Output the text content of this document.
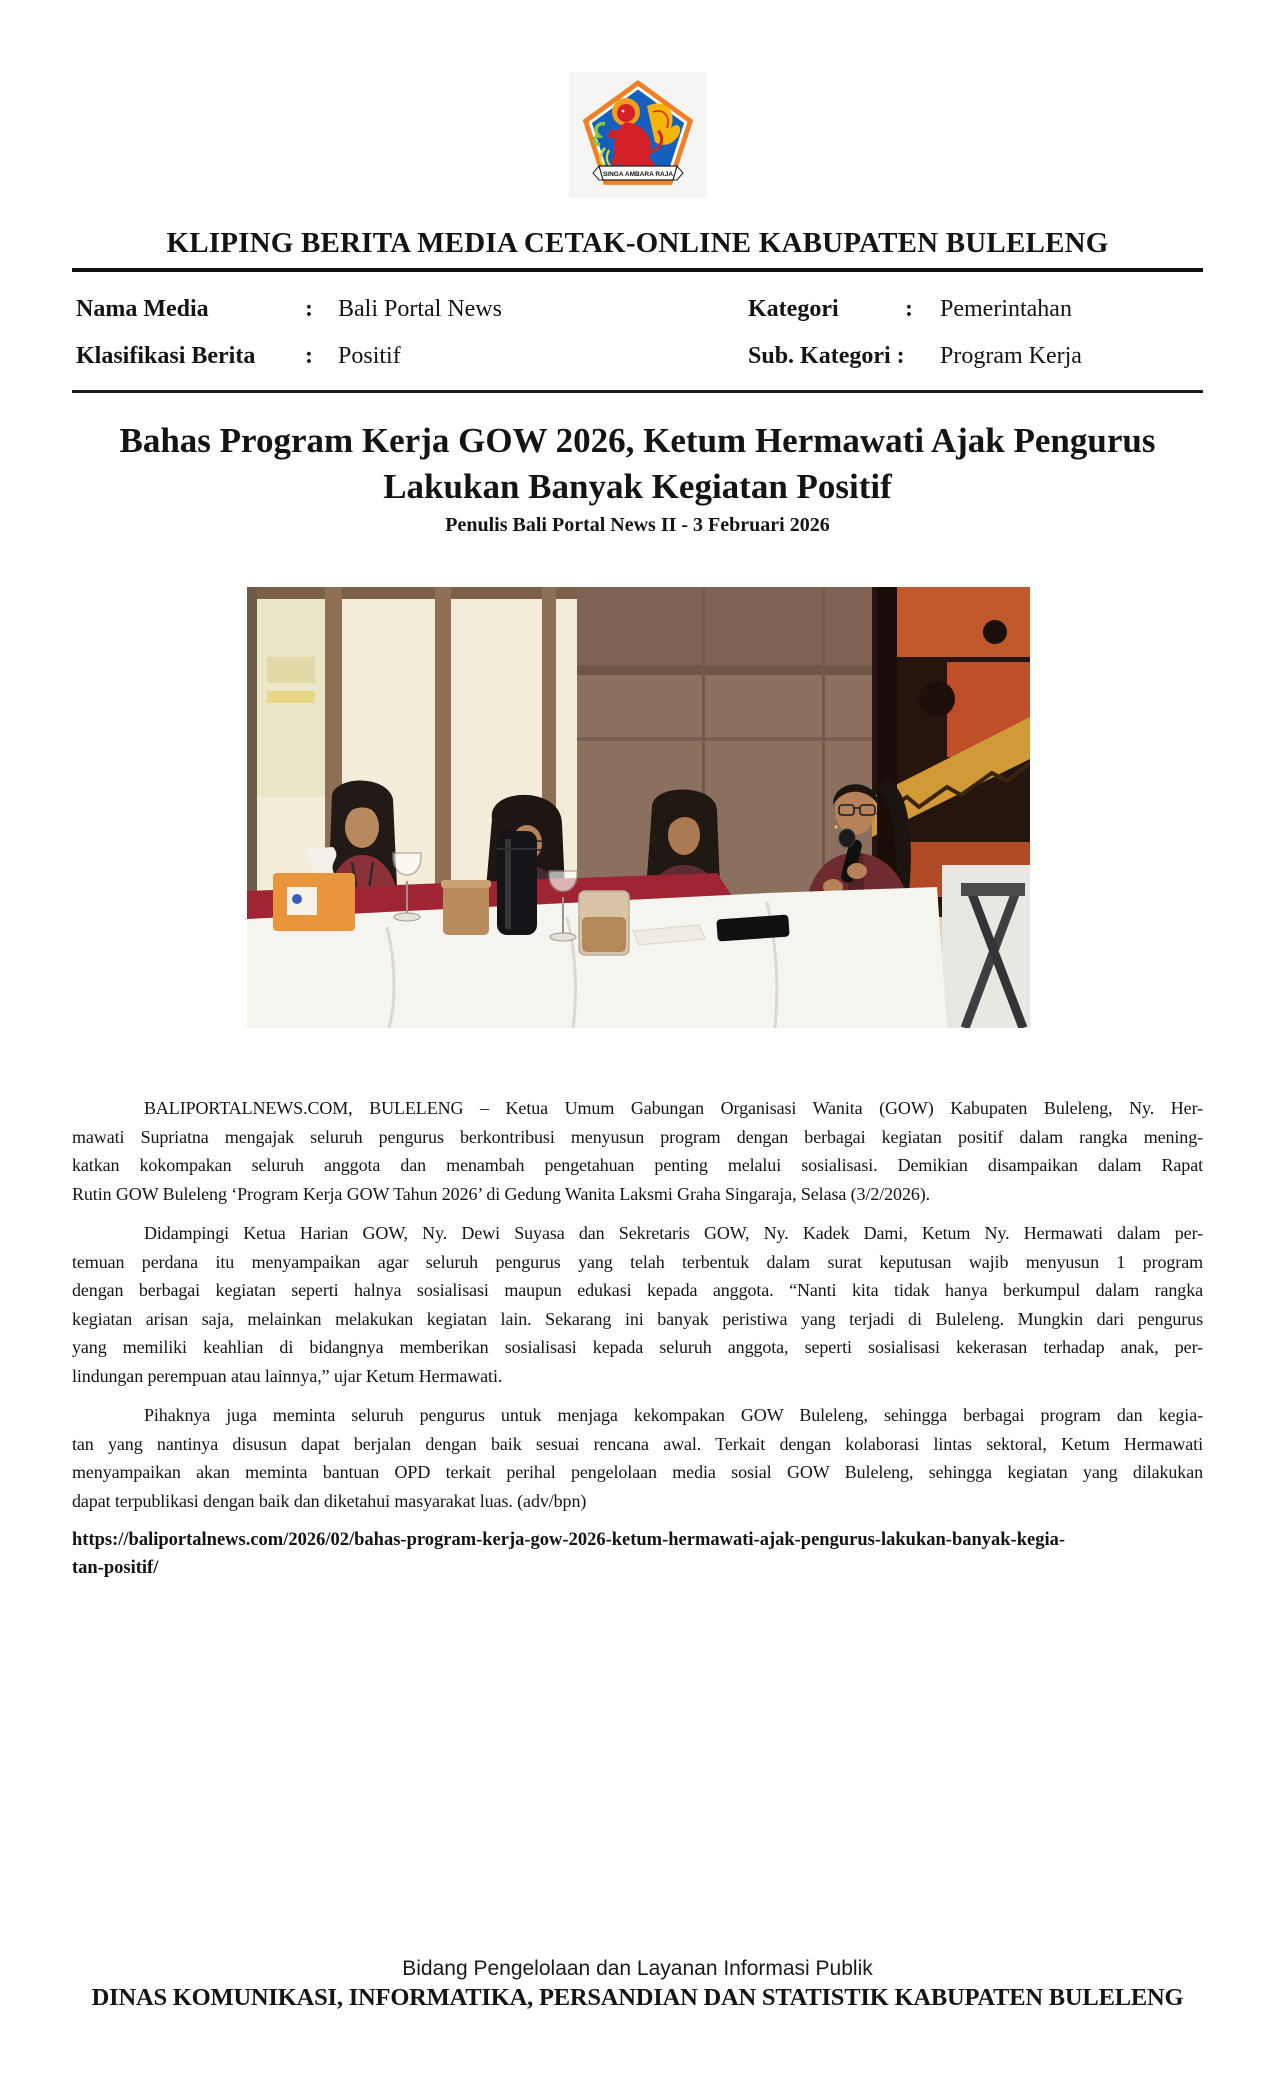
SINGA AMBARA RAJA
KLIPING BERITA MEDIA CETAK-ONLINE KABUPATEN BULELENG
Nama Media	: Bali Portal News	Kategori	: Pemerintahan
Klasifikasi Berita : Positif	Sub. Kategori : Program Kerja
Bahas Program Kerja GOW 2026, Ketum Hermawati Ajak Pengurus
Lakukan Banyak Kegiatan Positif
Penulis Bali Portal News II - 3 Februari 2026
BALIPORTALNEWS.COM, BULELENG – Ketua Umum Gabungan Organisasi Wanita (GOW) Kabupaten Buleleng, Ny. Her-
mawati Supriatna mengajak seluruh pengurus berkontribusi menyusun program dengan berbagai kegiatan positif dalam rangka mening-
katkan kokompakan seluruh anggota dan menambah pengetahuan penting melalui sosialisasi. Demikian disampaikan dalam Rapat
Rutin GOW Buleleng ‘Program Kerja GOW Tahun 2026’ di Gedung Wanita Laksmi Graha Singaraja, Selasa (3/2/2026).
Didampingi Ketua Harian GOW, Ny. Dewi Suyasa dan Sekretaris GOW, Ny. Kadek Dami, Ketum Ny. Hermawati dalam per-
temuan perdana itu menyampaikan agar seluruh pengurus yang telah terbentuk dalam surat keputusan wajib menyusun 1 program
dengan berbagai kegiatan seperti halnya sosialisasi maupun edukasi kepada anggota. “Nanti kita tidak hanya berkumpul dalam rangka
kegiatan arisan saja, melainkan melakukan kegiatan lain. Sekarang ini banyak peristiwa yang terjadi di Buleleng. Mungkin dari pengurus
yang memiliki keahlian di bidangnya memberikan sosialisasi kepada seluruh anggota, seperti sosialisasi kekerasan terhadap anak, per-
lindungan perempuan atau lainnya,” ujar Ketum Hermawati.
Pihaknya juga meminta seluruh pengurus untuk menjaga kekompakan GOW Buleleng, sehingga berbagai program dan kegia-
tan yang nantinya disusun dapat berjalan dengan baik sesuai rencana awal. Terkait dengan kolaborasi lintas sektoral, Ketum Hermawati
menyampaikan akan meminta bantuan OPD terkait perihal pengelolaan media sosial GOW Buleleng, sehingga kegiatan yang dilakukan
dapat terpublikasi dengan baik dan diketahui masyarakat luas. (adv/bpn)
https://baliportalnews.com/2026/02/bahas-program-kerja-gow-2026-ketum-hermawati-ajak-pengurus-lakukan-banyak-kegia-
tan-positif/
Bidang Pengelolaan dan Layanan Informasi Publik
DINAS KOMUNIKASI, INFORMATIKA, PERSANDIAN DAN STATISTIK KABUPATEN BULELENG
